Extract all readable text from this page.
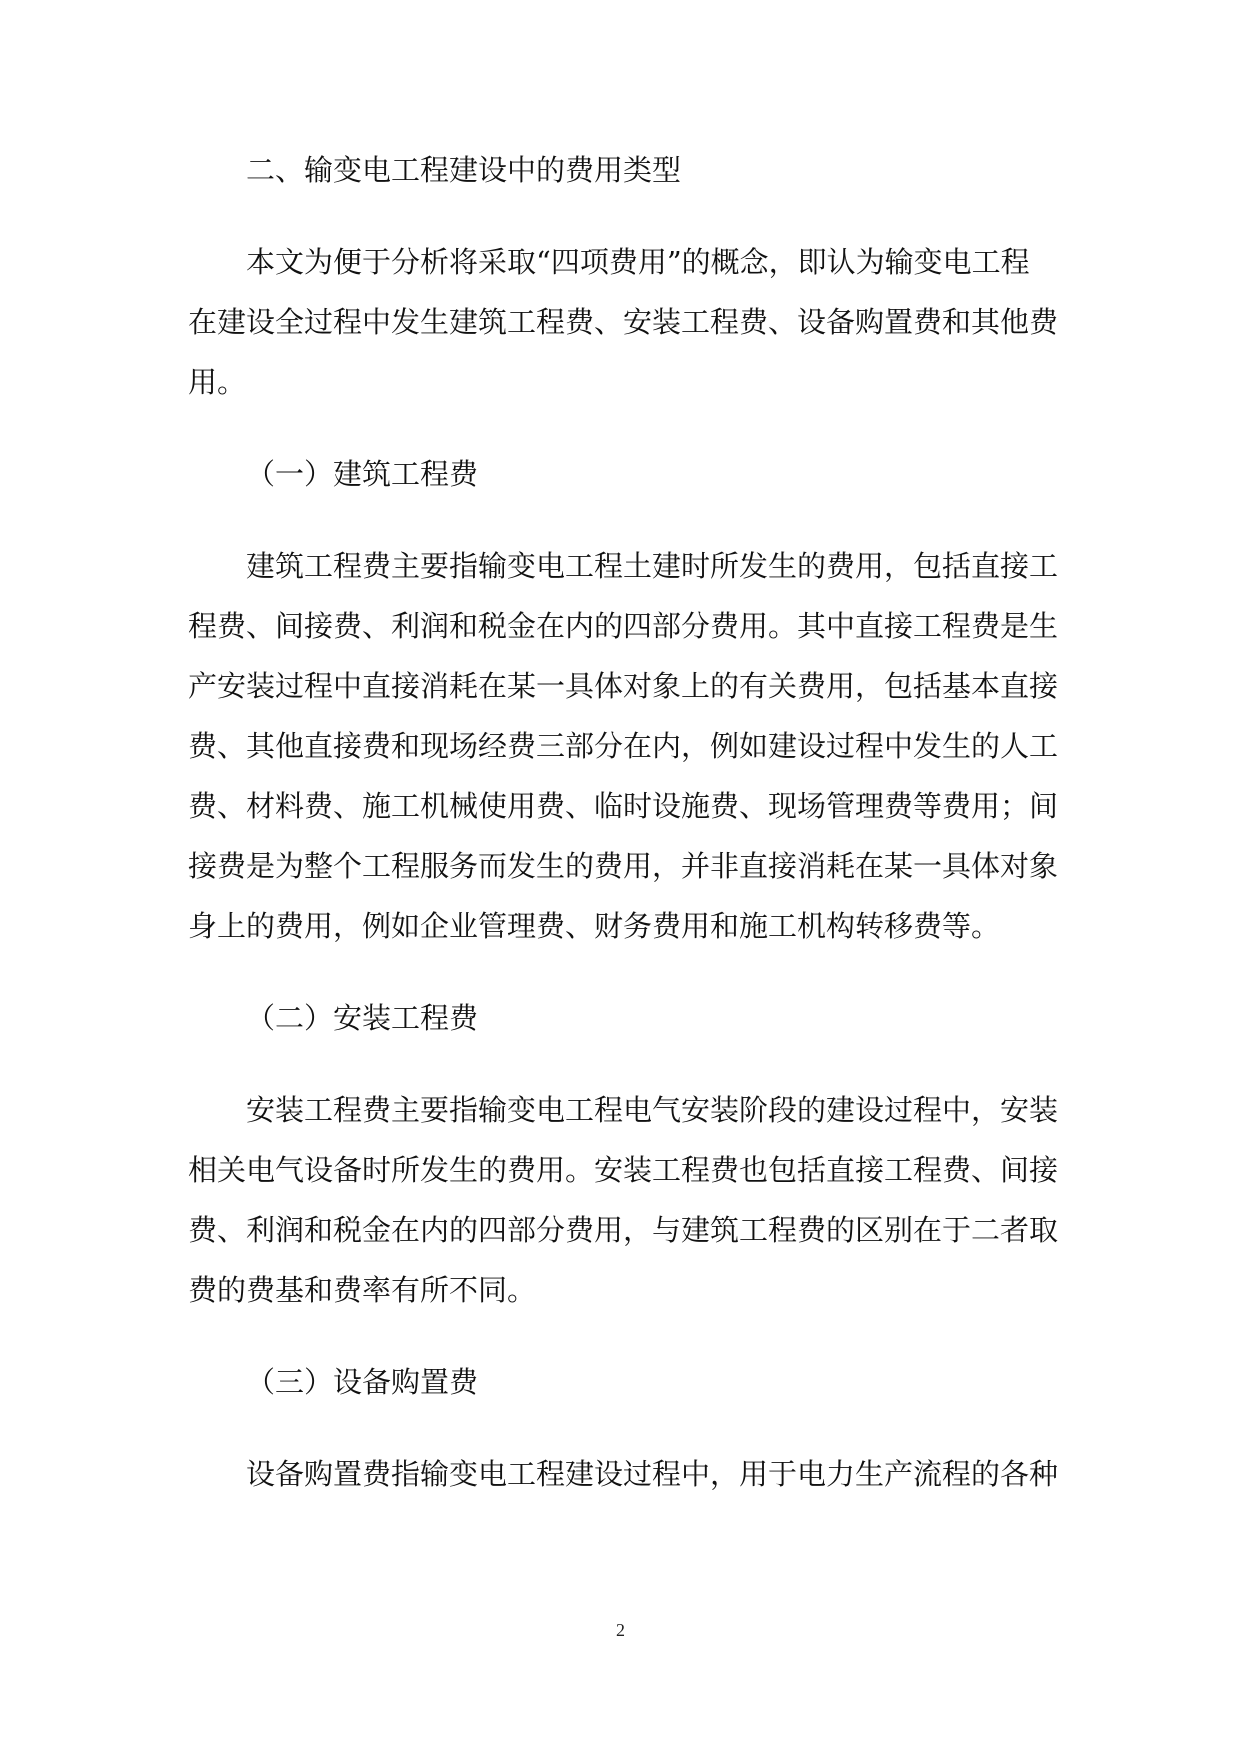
二、输变电工程建设中的费用类型

本文为便于分析将采取“四项费用”的概念，即认为输变电工程
在建设全过程中发生建筑工程费、安装工程费、设备购置费和其他费
用。

（一）建筑工程费

建筑工程费主要指输变电工程土建时所发生的费用，包括直接工
程费、间接费、利润和税金在内的四部分费用。其中直接工程费是生
产安装过程中直接消耗在某一具体对象上的有关费用，包括基本直接
费、其他直接费和现场经费三部分在内，例如建设过程中发生的人工
费、材料费、施工机械使用费、临时设施费、现场管理费等费用；间
接费是为整个工程服务而发生的费用，并非直接消耗在某一具体对象
身上的费用，例如企业管理费、财务费用和施工机构转移费等。

（二）安装工程费

安装工程费主要指输变电工程电气安装阶段的建设过程中，安装
相关电气设备时所发生的费用。安装工程费也包括直接工程费、间接
费、利润和税金在内的四部分费用，与建筑工程费的区别在于二者取
费的费基和费率有所不同。

（三）设备购置费

设备购置费指输变电工程建设过程中，用于电力生产流程的各种

2
